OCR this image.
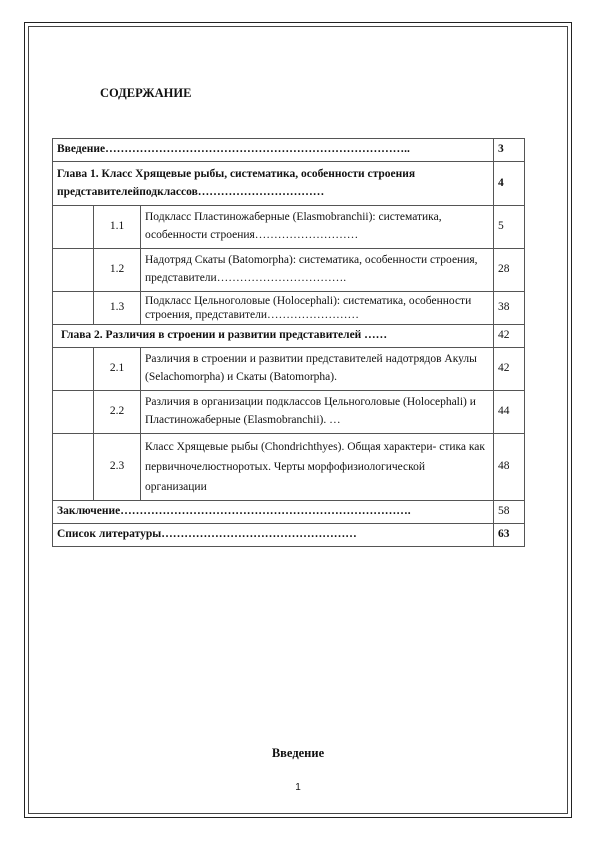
СОДЕРЖАНИЕ
Введение……………………………………………………………………..			3
Глава 1. Класс Хрящевые рыбы, систематика, особенности строения представителейподклассов……………………………			4
	1.1	Подкласс Пластиножаберные (Elasmobranchii): систематика, особенности строения………………………	5
	1.2	Надотряд Скаты (Batomorpha): систематика, особенности строения, представители…………………………….	28
	1.3	Подкласс Цельноголовые (Holocephali): систематика, особенности строения, представители……………………	38
Глава 2. Различия в строении и развитии представителей ……			42
	2.1	Различия в строении и развитии представителей надотрядов Акулы (Selachomorpha) и Скаты (Batomorpha).	42
	2.2	Различия в организации подклассов Цельноголовые (Holocephali) и Пластиножаберные (Elasmobranchii). …	44
	2.3	Класс Хрящевые рыбы (Chondrichthyes). Общая характери- стика как первичночелюстноротых. Черты морфофизиологической организации	48
Заключение………………………………………………………………….			58
Список литературы……………………………………………			63
Введение
1
